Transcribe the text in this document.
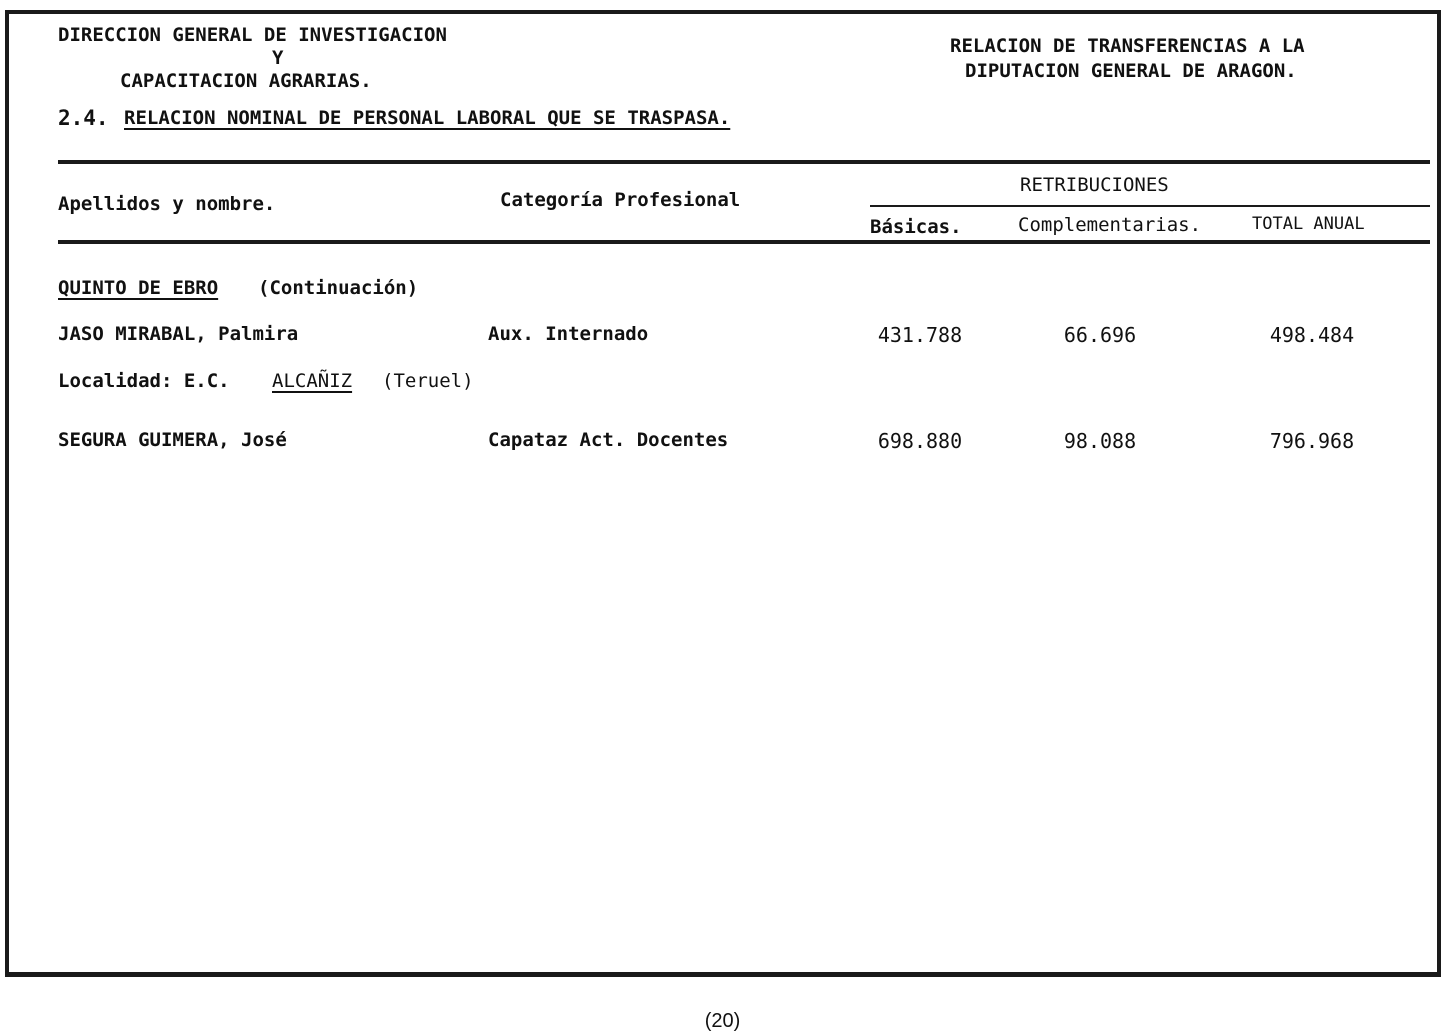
DIRECCION GENERAL DE INVESTIGACION
Y
CAPACITACION AGRARIAS.
RELACION DE TRANSFERENCIAS A LA
DIPUTACION GENERAL DE ARAGON.
2.4. RELACION NOMINAL DE PERSONAL LABORAL QUE SE TRASPASA.
Apellidos y nombre.	Categoría Profesional
RETRIBUCIONES
Básicas.	Complementarias.	TOTAL ANUAL
QUINTO DE EBRO (Continuación)
JASO MIRABAL, Palmira	Aux. Internado	431.788	66.696	498.484
Localidad: E.C. ALCAÑIZ (Teruel)
SEGURA GUIMERA, José	Capataz Act. Docentes	698.880	98.088	796.968
(20)
